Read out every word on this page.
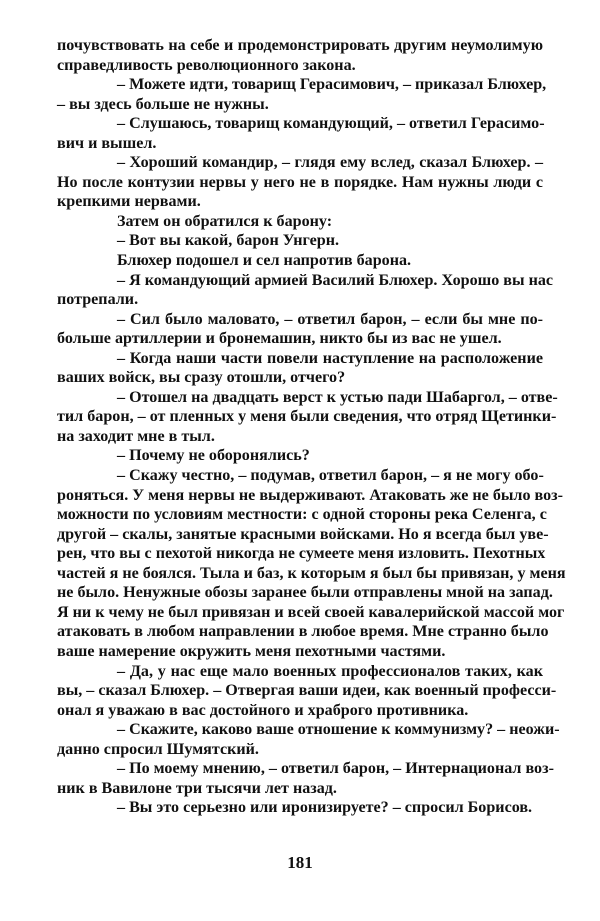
почувствовать на себе и продемонстрировать другим неумолимую
справедливость революционного закона.
– Можете идти, товарищ Герасимович, – приказал Блюхер,
– вы здесь больше не нужны.
– Слушаюсь, товарищ командующий, – ответил Герасимо-
вич и вышел.
– Хороший командир, – глядя ему вслед, сказал Блюхер. –
Но после контузии нервы у него не в порядке. Нам нужны люди с
крепкими нервами.
Затем он обратился к барону:
– Вот вы какой, барон Унгерн.
Блюхер подошел и сел напротив барона.
– Я командующий армией Василий Блюхер. Хорошо вы нас
потрепали.
– Сил было маловато, – ответил барон, – если бы мне по-
больше артиллерии и бронемашин, никто бы из вас не ушел.
– Когда наши части повели наступление на расположение
ваших войск, вы сразу отошли, отчего?
– Отошел на двадцать верст к устью пади Шабаргол, – отве-
тил барон, – от пленных у меня были сведения, что отряд Щетинки-
на заходит мне в тыл.
– Почему не оборонялись?
– Скажу честно, – подумав, ответил барон, – я не могу обо-
роняться. У меня нервы не выдерживают. Атаковать же не было воз-
можности по условиям местности: с одной стороны река Селенга, с
другой – скалы, занятые красными войсками. Но я всегда был уве-
рен, что вы с пехотой никогда не сумеете меня изловить. Пехотных
частей я не боялся. Тыла и баз, к которым я был бы привязан, у меня
не было. Ненужные обозы заранее были отправлены мной на запад.
Я ни к чему не был привязан и всей своей кавалерийской массой мог
атаковать в любом направлении в любое время. Мне странно было
ваше намерение окружить меня пехотными частями.
– Да, у нас еще мало военных профессионалов таких, как
вы, – сказал Блюхер. – Отвергая ваши идеи, как военный професси-
онал я уважаю в вас достойного и храброго противника.
– Скажите, каково ваше отношение к коммунизму? – неожи-
данно спросил Шумятский.
– По моему мнению, – ответил барон, – Интернационал воз-
ник в Вавилоне три тысячи лет назад.
– Вы это серьезно или иронизируете? – спросил Борисов.
181
